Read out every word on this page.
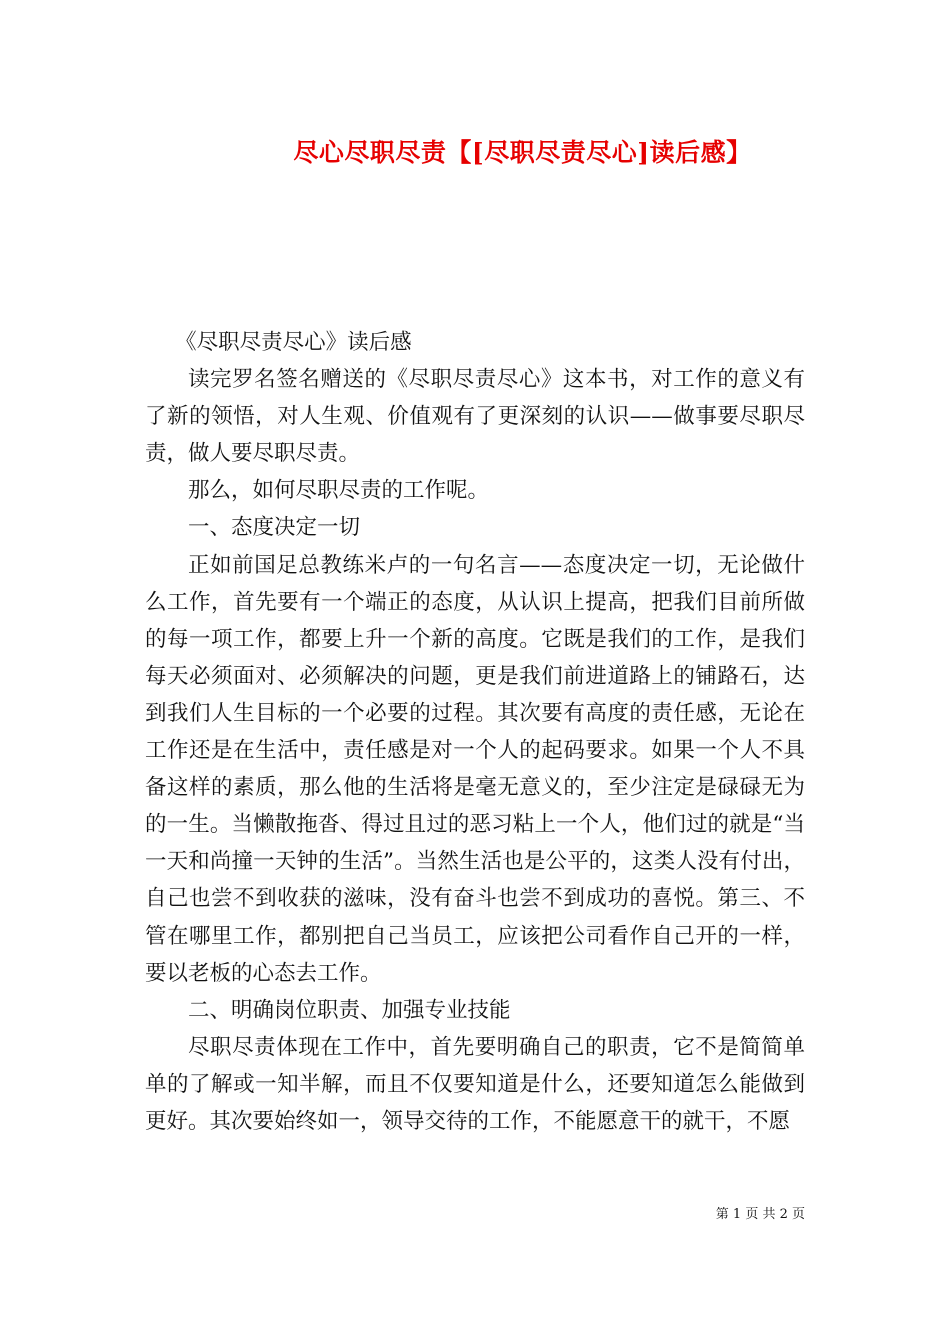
尽心尽职尽责【[尽职尽责尽心]读后感】

《尽职尽责尽心》读后感

读完罗名签名赠送的《尽职尽责尽心》这本书，对工作的意义有了新的领悟，对人生观、价值观有了更深刻的认识——做事要尽职尽责，做人要尽职尽责。

那么，如何尽职尽责的工作呢。

一、态度决定一切

正如前国足总教练米卢的一句名言——态度决定一切，无论做什么工作，首先要有一个端正的态度，从认识上提高，把我们目前所做的每一项工作，都要上升一个新的高度。它既是我们的工作，是我们每天必须面对、必须解决的问题，更是我们前进道路上的铺路石，达到我们人生目标的一个必要的过程。其次要有高度的责任感，无论在工作还是在生活中，责任感是对一个人的起码要求。如果一个人不具备这样的素质，那么他的生活将是毫无意义的，至少注定是碌碌无为的一生。当懒散拖沓、得过且过的恶习粘上一个人，他们过的就是“当一天和尚撞一天钟的生活”。当然生活也是公平的，这类人没有付出，自己也尝不到收获的滋味，没有奋斗也尝不到成功的喜悦。第三、不管在哪里工作，都别把自己当员工，应该把公司看作自己开的一样，要以老板的心态去工作。

二、明确岗位职责、加强专业技能

尽职尽责体现在工作中，首先要明确自己的职责，它不是简简单单的了解或一知半解，而且不仅要知道是什么，还要知道怎么能做到更好。其次要始终如一，领导交待的工作，不能愿意干的就干，不愿

第 1 页 共 2 页
